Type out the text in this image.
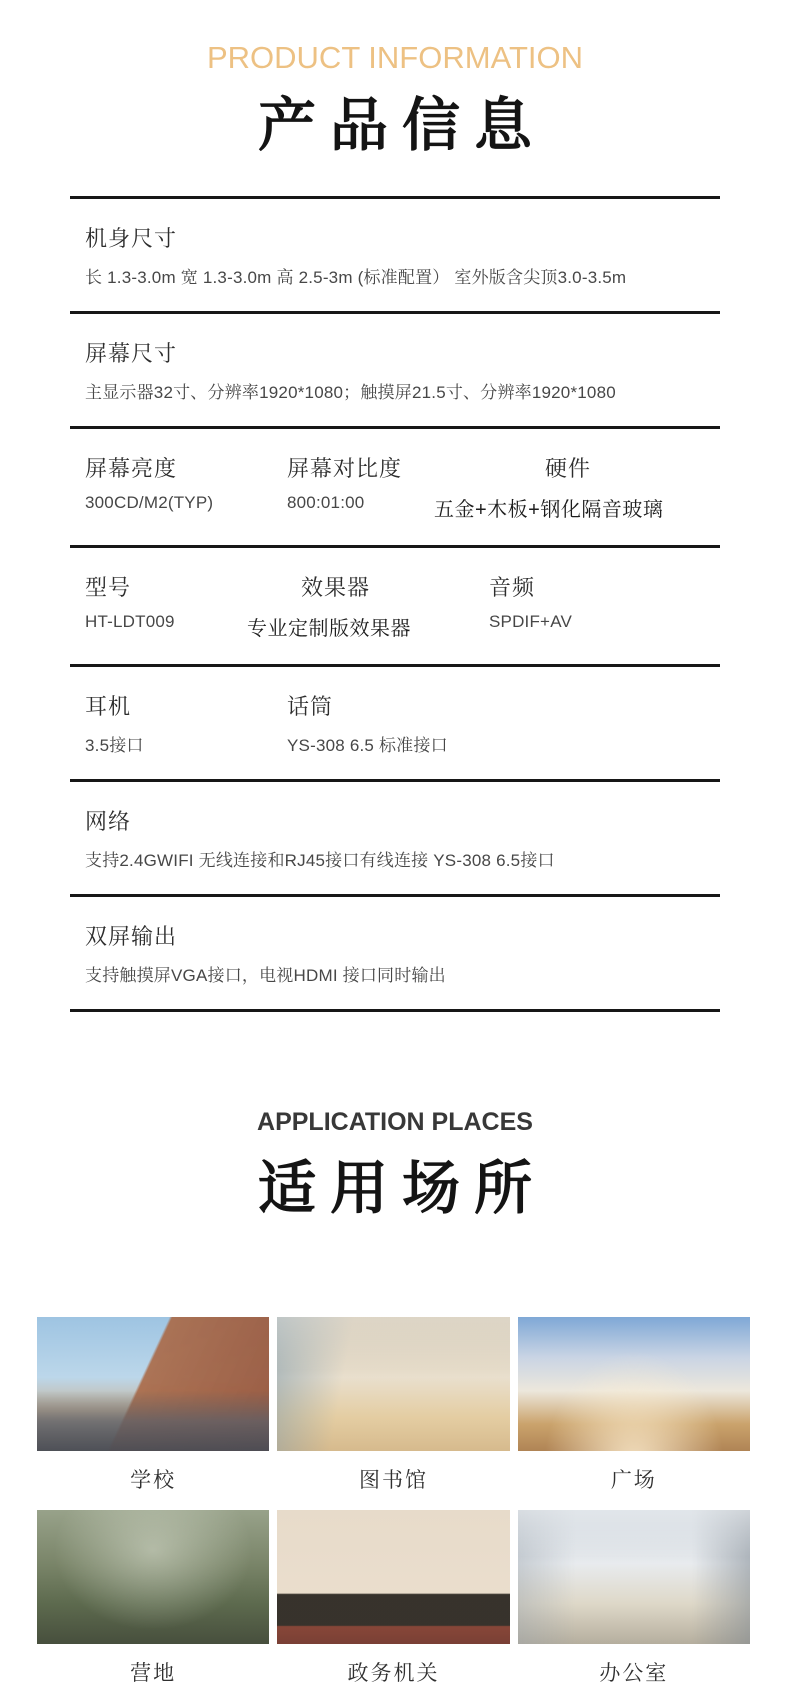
PRODUCT INFORMATION
产品信息
机身尺寸
长 1.3-3.0m 宽 1.3-3.0m 高 2.5-3m (标准配置） 室外版含尖顶3.0-3.5m
屏幕尺寸
主显示器32寸、分辨率1920*1080；触摸屏21.5寸、分辨率1920*1080
屏幕亮度
300CD/M2(TYP)
屏幕对比度
800:01:00
硬件
五金+木板+钢化隔音玻璃
型号
HT-LDT009
效果器
专业定制版效果器
音频
SPDIF+AV
耳机
3.5接口
话筒
YS-308 6.5 标准接口
网络
支持2.4GWIFI 无线连接和RJ45接口有线连接 YS-308 6.5接口
双屏输出
支持触摸屏VGA接口，电视HDMI 接口同时输出
APPLICATION PLACES
适用场所
学校	图书馆	广场
营地	政务机关	办公室
